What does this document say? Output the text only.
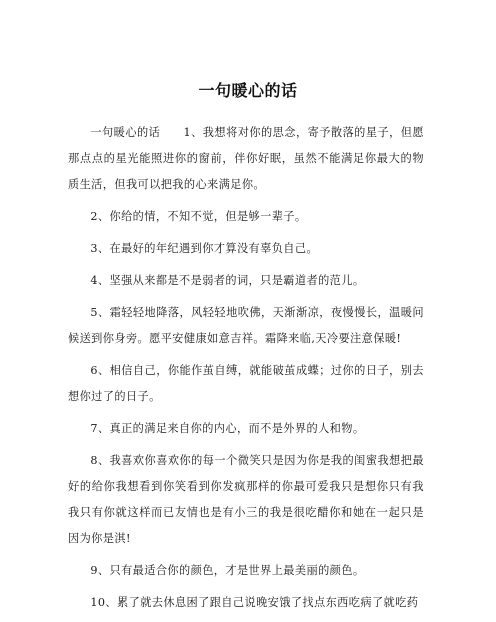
一句暖心的话

一句暖心的话　　1、我想将对你的思念，寄予散落的星子，但愿那点点的星光能照进你的窗前，伴你好眠，虽然不能满足你最大的物质生活，但我可以把我的心来满足你。

2、你给的情，不知不觉，但是够一辈子。

3、在最好的年纪遇到你才算没有辜负自己。

4、坚强从来都是不是弱者的词，只是霸道者的范儿。

5、霜轻轻地降落，风轻轻地吹佛，天渐渐凉，夜慢慢长，温暖问候送到你身旁。愿平安健康如意吉祥。霜降来临,天冷要注意保暖!

6、相信自己，你能作茧自缚，就能破茧成蝶；过你的日子，别去想你过了的日子。

7、真正的满足来自你的内心，而不是外界的人和物。

8、我喜欢你喜欢你的每一个微笑只是因为你是我的闺蜜我想把最好的给你我想看到你笑看到你发疯那样的你最可爱我只是想你只有我我只有你就这样而已友情也是有小三的我是很吃醋你和她在一起只是因为你是淇!

9、只有最适合你的颜色，才是世界上最美丽的颜色。

10、累了就去休息困了跟自己说晚安饿了找点东西吃病了就吃药
